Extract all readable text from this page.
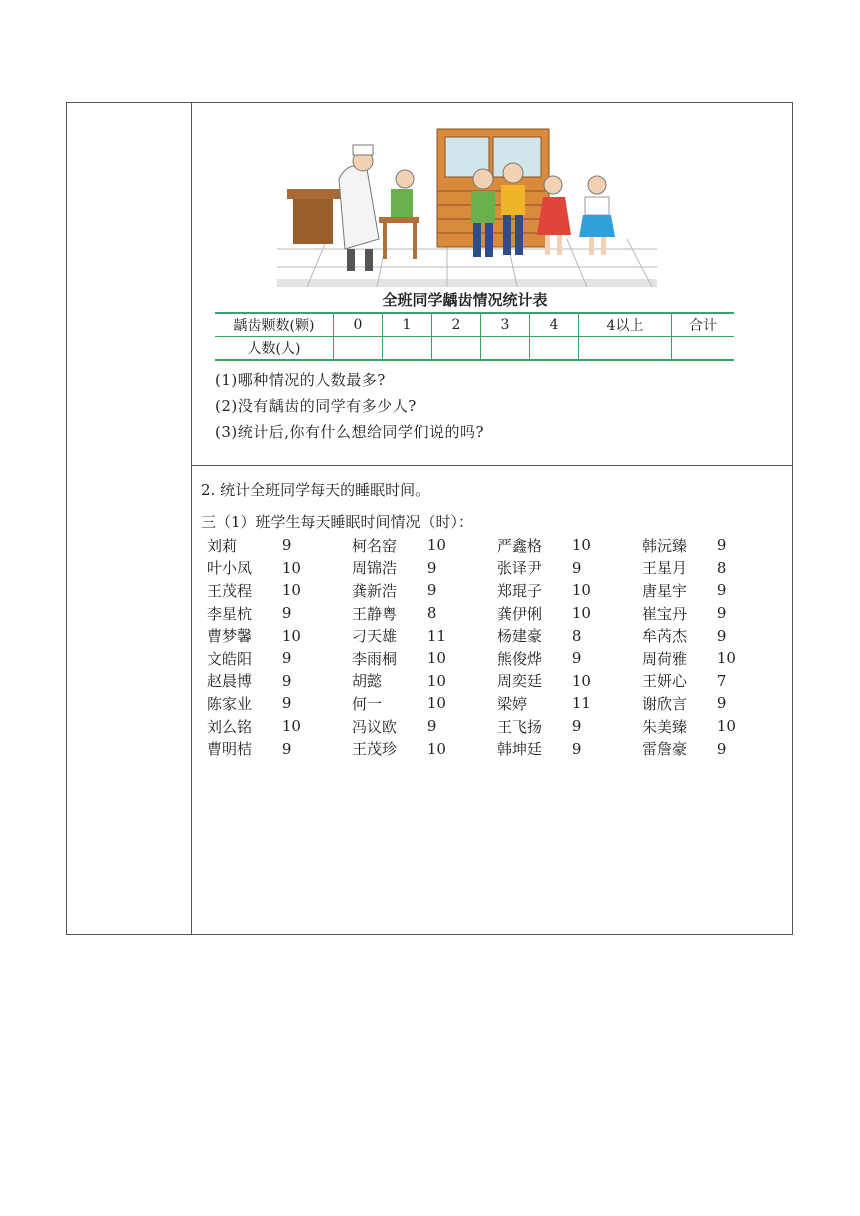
全班同学龋齿情况统计表
龋齿颗数(颗)	0	1	2	3	4	4以上	合计
人数(人)							
(1)哪种情况的人数最多?
(2)没有龋齿的同学有多少人?
(3)统计后,你有什么想给同学们说的吗?
2. 统计全班同学每天的睡眠时间。
三（1）班学生每天睡眠时间情况（时）：
刘莉	9	柯名窑	10	严鑫格	10	韩沅臻	9
叶小凤	10	周锦浩	9	张译尹	9	王星月	8
王茂程	10	龚新浩	9	郑琨子	10	唐星宇	9
李星杭	9	王静粤	8	龚伊俐	10	崔宝丹	9
曹梦馨	10	刁天雄	11	杨建豪	8	牟芮杰	9
文皓阳	9	李雨桐	10	熊俊烨	9	周荷雅	10
赵晨博	9	胡懿	10	周奕廷	10	王妍心	7
陈家业	9	何一	10	梁婷	11	谢欣言	9
刘么铭	10	冯议欧	9	王飞扬	9	朱美臻	10
曹明桔	9	王茂珍	10	韩坤廷	9	雷詹豪	9
